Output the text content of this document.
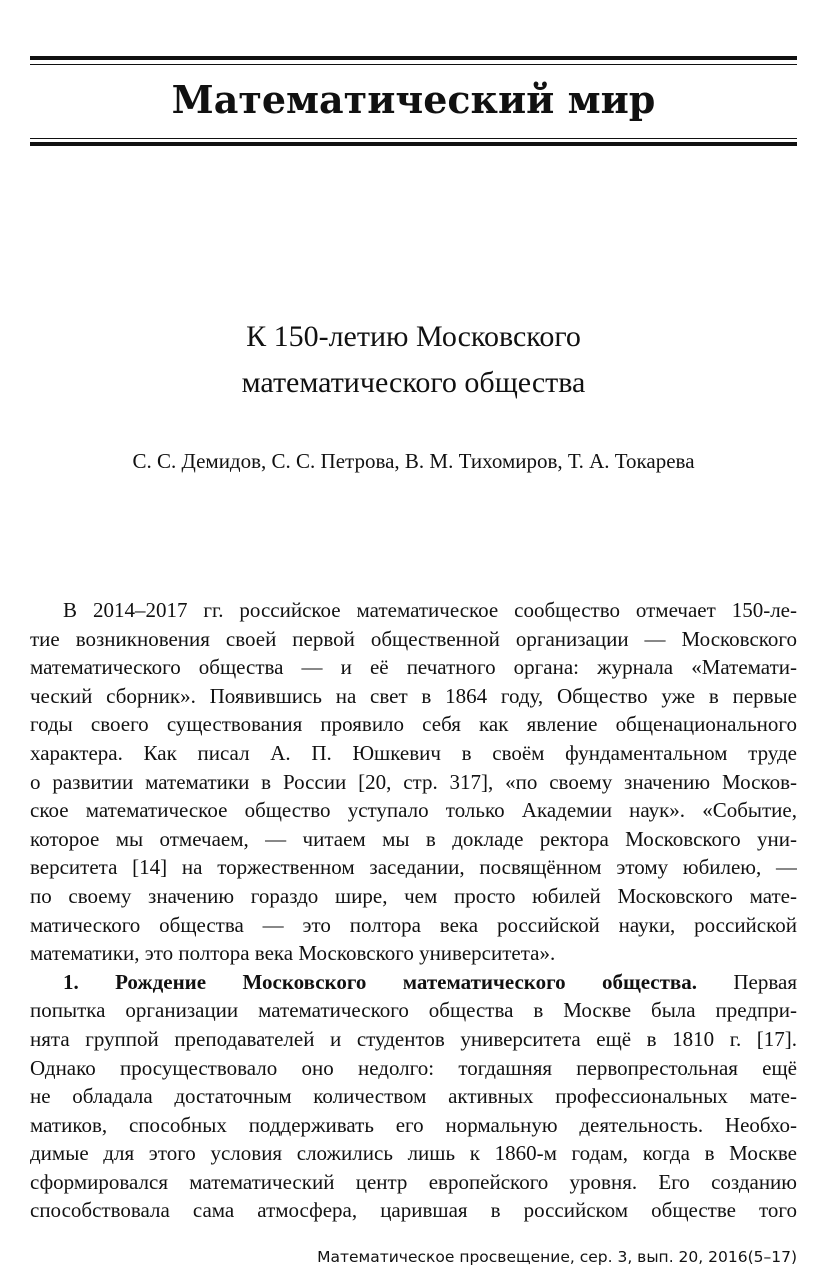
Математический мир
К 150-летию Московского
математического общества
С. С. Демидов, С. С. Петрова, В. М. Тихомиров, Т. А. Токарева
В 2014–2017 гг. российское математическое сообщество отмечает 150-ле-
тие возникновения своей первой общественной организации — Московского
математического общества — и её печатного органа: журнала «Математи-
ческий сборник». Появившись на свет в 1864 году, Общество уже в первые
годы своего существования проявило себя как явление общенационального
характера. Как писал А. П. Юшкевич в своём фундаментальном труде
о развитии математики в России [20, стр. 317], «по своему значению Москов-
ское математическое общество уступало только Академии наук». «Событие,
которое мы отмечаем, — читаем мы в докладе ректора Московского уни-
верситета [14] на торжественном заседании, посвящённом этому юбилею, —
по своему значению гораздо шире, чем просто юбилей Московского мате-
матического общества — это полтора века российской науки, российской
математики, это полтора века Московского университета».
1. Рождение Московского математического общества. Первая
попытка организации математического общества в Москве была предпри-
нята группой преподавателей и студентов университета ещё в 1810 г. [17].
Однако просуществовало оно недолго: тогдашняя первопрестольная ещё
не обладала достаточным количеством активных профессиональных мате-
матиков, способных поддерживать его нормальную деятельность. Необхо-
димые для этого условия сложились лишь к 1860-м годам, когда в Москве
сформировался математический центр европейского уровня. Его созданию
способствовала сама атмосфера, царившая в российском обществе того
Математическое просвещение, сер. 3, вып. 20, 2016(5–17)
